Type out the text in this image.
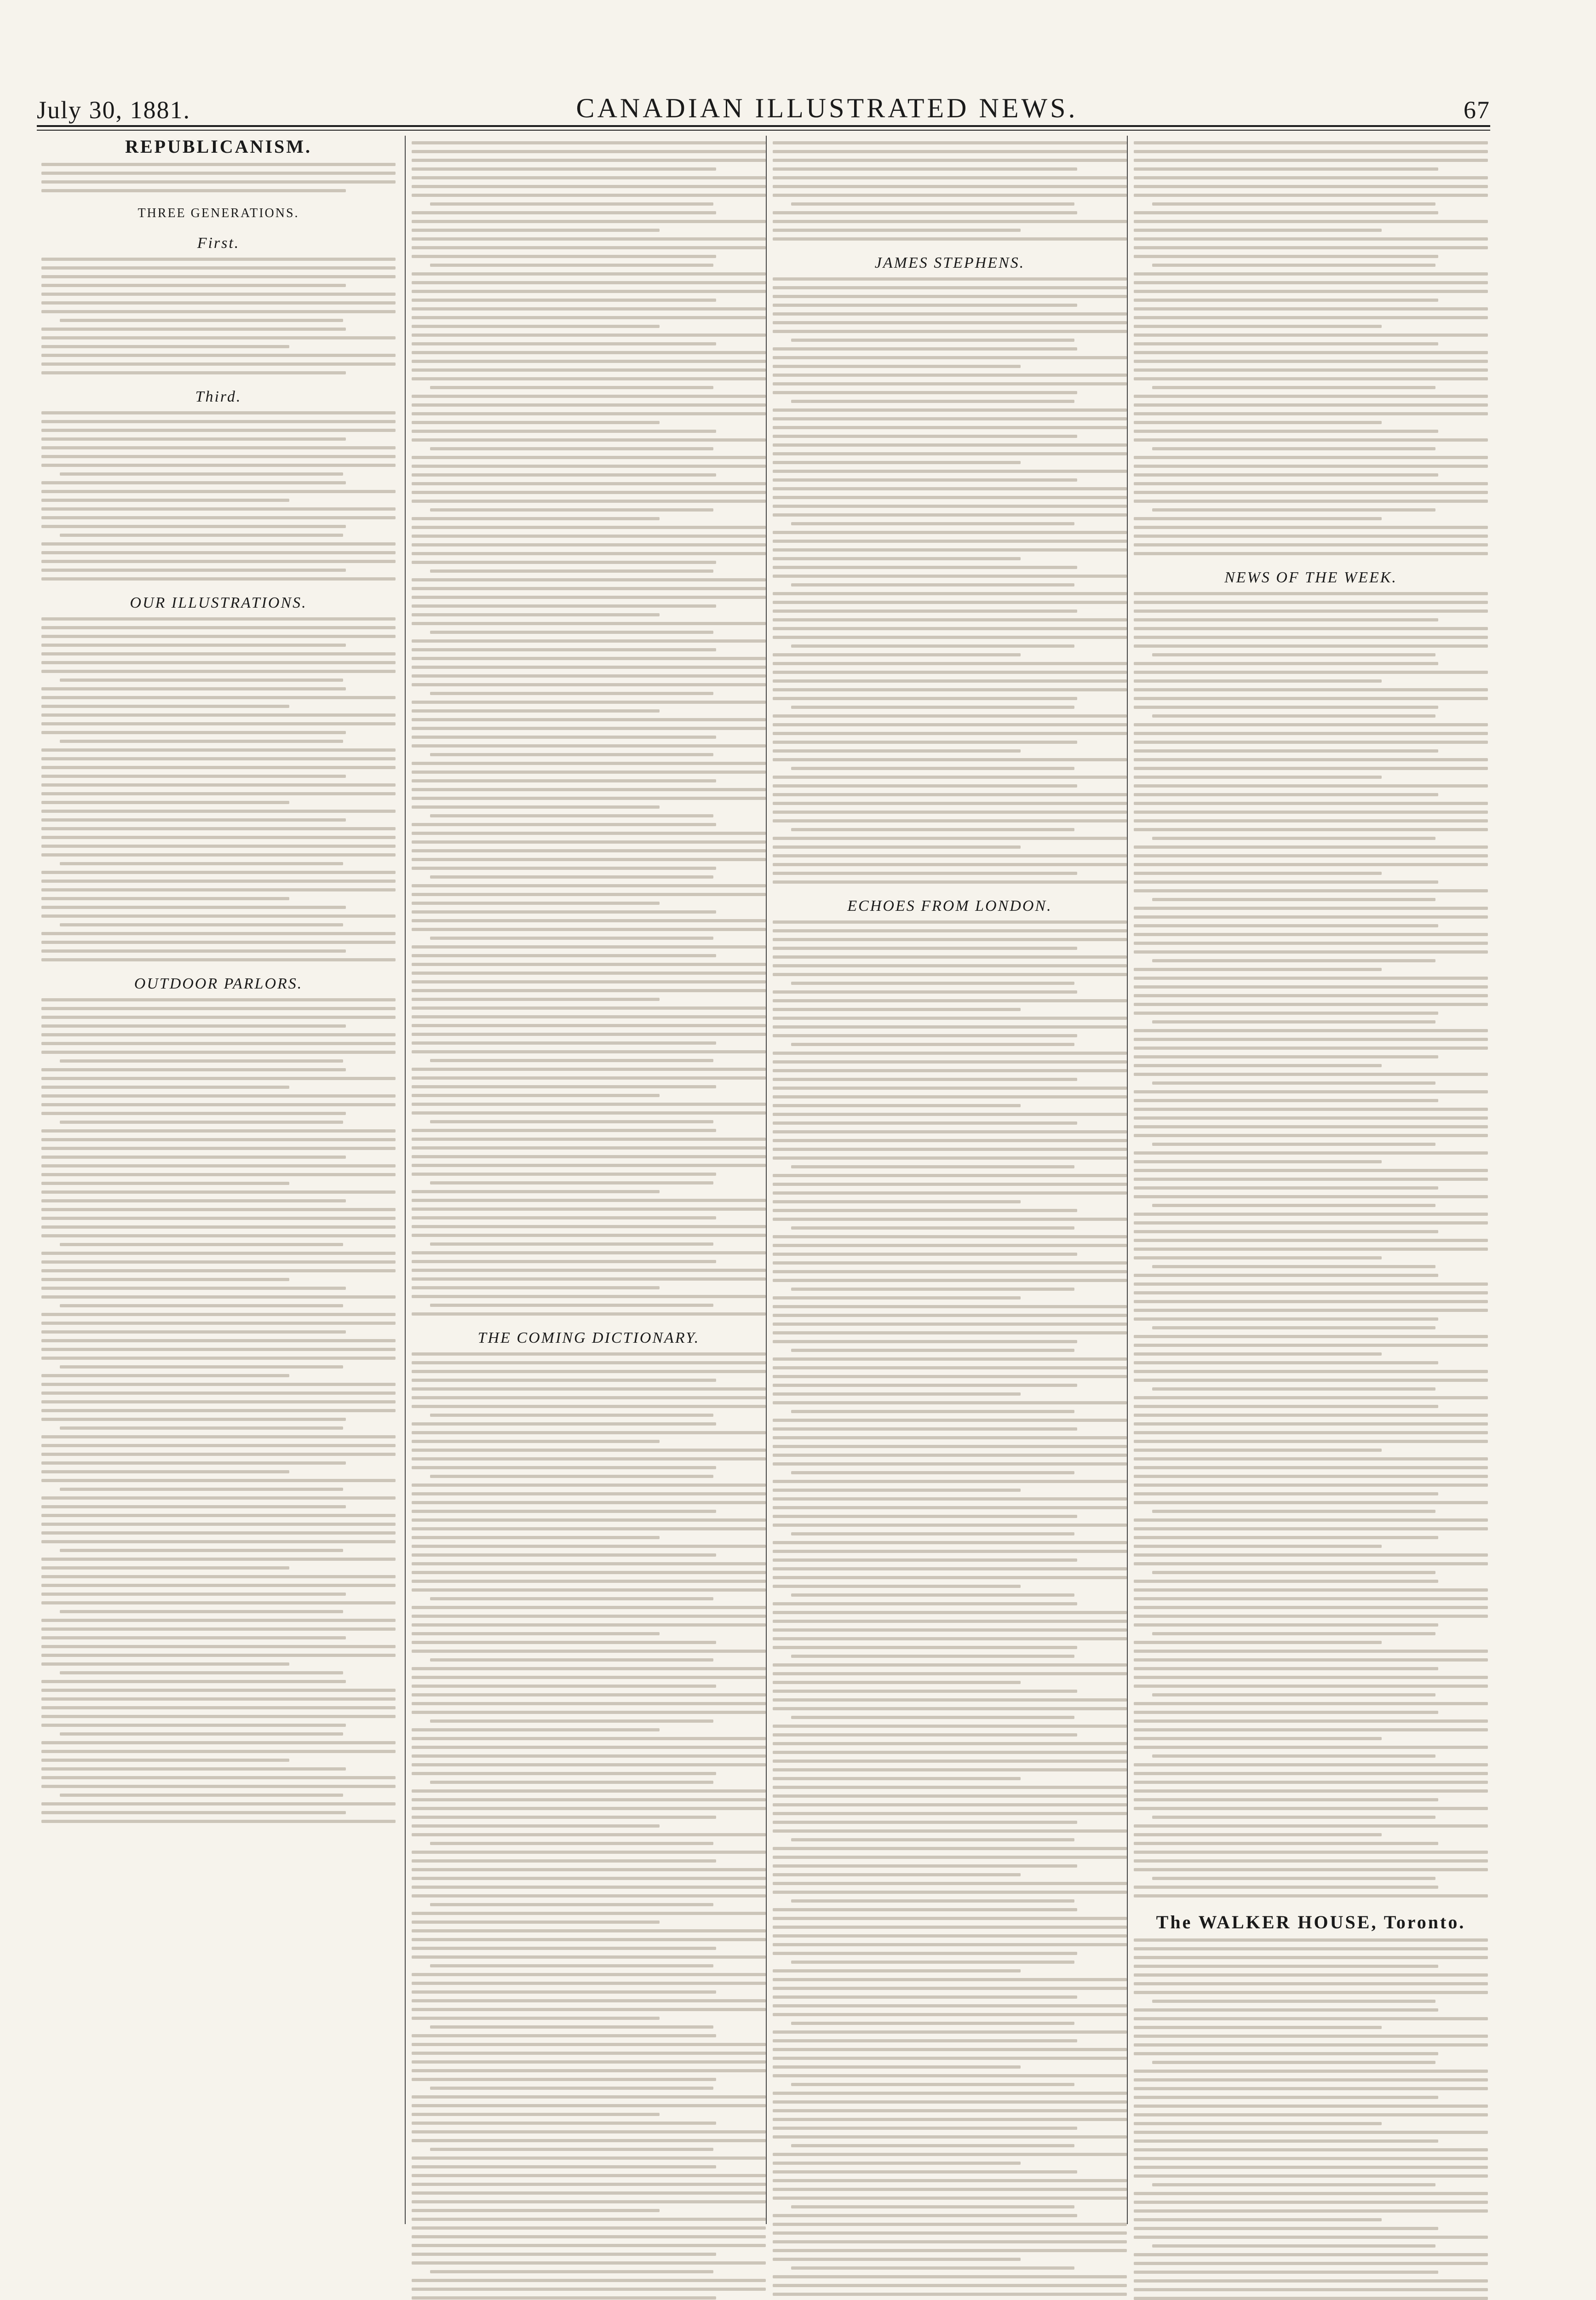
July 30, 1881.	CANADIAN ILLUSTRATED NEWS.	67

REPUBLICANISM.

THREE GENERATIONS.

First.

Third.

OUR ILLUSTRATIONS.

OUTDOOR PARLORS.

THE COMING DICTIONARY.

JAMES STEPHENS.

ECHOES FROM LONDON.

NEWS OF THE WEEK.

The WALKER HOUSE, Toronto.
